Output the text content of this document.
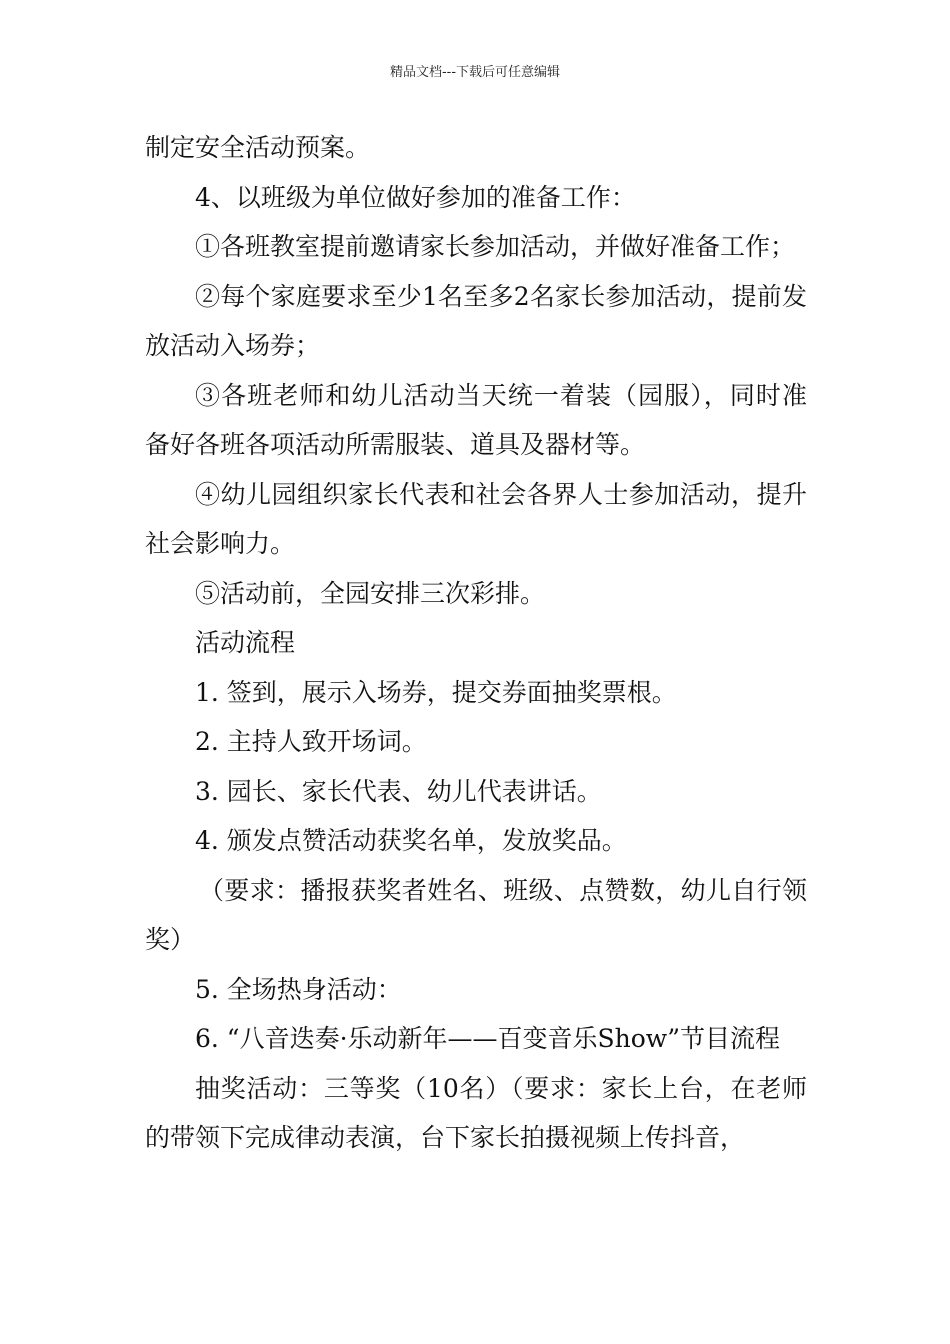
精品文档---下载后可任意编辑

制定安全活动预案。

4、以班级为单位做好参加的准备工作：

①各班教室提前邀请家长参加活动，并做好准备工作；

②每个家庭要求至少1名至多2名家长参加活动，提前发放活动入场券；

③各班老师和幼儿活动当天统一着装（园服），同时准备好各班各项活动所需服装、道具及器材等。

④幼儿园组织家长代表和社会各界人士参加活动，提升社会影响力。

⑤活动前，全园安排三次彩排。

活动流程

1. 签到，展示入场券，提交券面抽奖票根。

2. 主持人致开场词。

3. 园长、家长代表、幼儿代表讲话。

4. 颁发点赞活动获奖名单，发放奖品。

（要求：播报获奖者姓名、班级、点赞数，幼儿自行领奖）

5. 全场热身活动：

6. “八音迭奏·乐动新年——百变音乐Show”节目流程

抽奖活动：三等奖（10名）（要求：家长上台，在老师的带领下完成律动表演，台下家长拍摄视频上传抖音，
